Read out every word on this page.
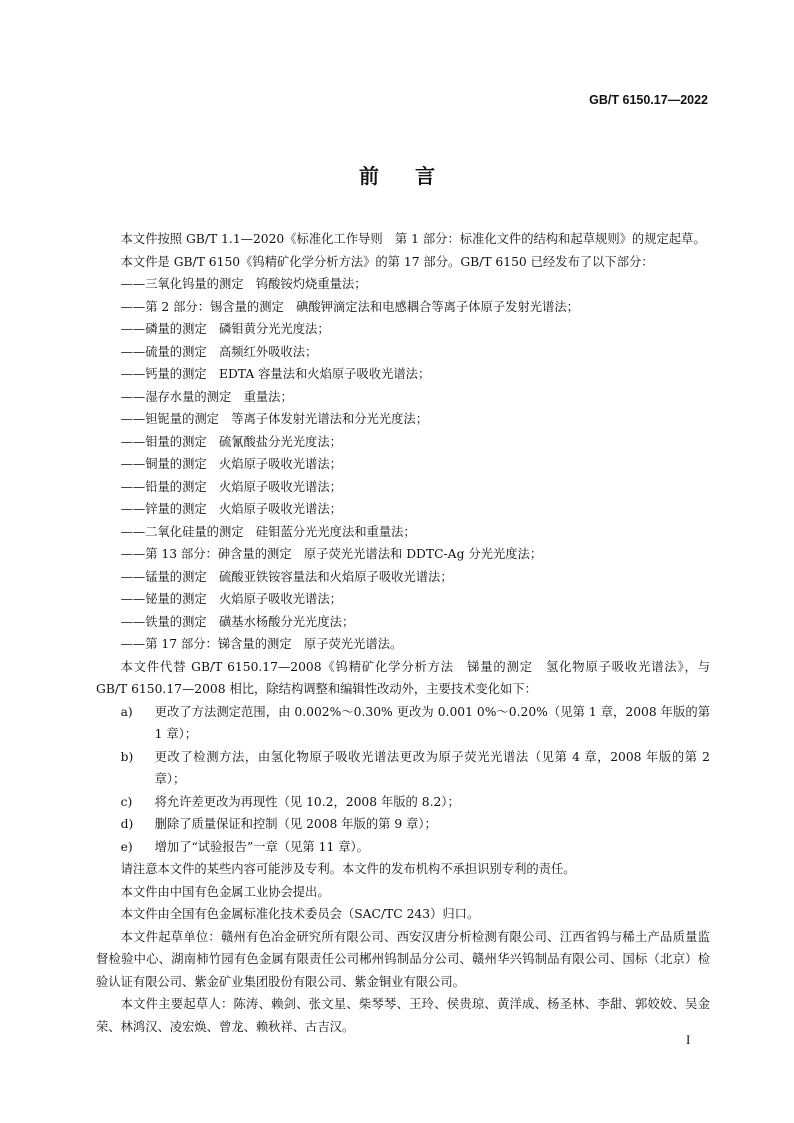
GB/T 6150.17—2022
前言
本文件按照 GB/T 1.1—2020《标准化工作导则　第 1 部分：标准化文件的结构和起草规则》的规定起草。
本文件是 GB/T 6150《钨精矿化学分析方法》的第 17 部分。GB/T 6150 已经发布了以下部分：
——三氧化钨量的测定　钨酸铵灼烧重量法；
——第 2 部分：锡含量的测定　碘酸钾滴定法和电感耦合等离子体原子发射光谱法；
——磷量的测定　磷钼黄分光光度法；
——硫量的测定　高频红外吸收法；
——钙量的测定　EDTA 容量法和火焰原子吸收光谱法；
——湿存水量的测定　重量法；
——钽铌量的测定　等离子体发射光谱法和分光光度法；
——钼量的测定　硫氰酸盐分光光度法；
——铜量的测定　火焰原子吸收光谱法；
——铅量的测定　火焰原子吸收光谱法；
——锌量的测定　火焰原子吸收光谱法；
——二氧化硅量的测定　硅钼蓝分光光度法和重量法；
——第 13 部分：砷含量的测定　原子荧光光谱法和 DDTC-Ag 分光光度法；
——锰量的测定　硫酸亚铁铵容量法和火焰原子吸收光谱法；
——铋量的测定　火焰原子吸收光谱法；
——铁量的测定　磺基水杨酸分光光度法；
——第 17 部分：锑含量的测定　原子荧光光谱法。
本文件代替 GB/T 6150.17—2008《钨精矿化学分析方法　锑量的测定　氢化物原子吸收光谱法》，与 GB/T 6150.17—2008 相比，除结构调整和编辑性改动外，主要技术变化如下：
a)	更改了方法测定范围，由 0.002%～0.30% 更改为 0.001 0%～0.20%（见第 1 章，2008 年版的第 1 章）；
b)	更改了检测方法，由氢化物原子吸收光谱法更改为原子荧光光谱法（见第 4 章，2008 年版的第 2 章）；
c)	将允许差更改为再现性（见 10.2，2008 年版的 8.2）；
d)	删除了质量保证和控制（见 2008 年版的第 9 章）；
e)	增加了“试验报告”一章（见第 11 章）。
请注意本文件的某些内容可能涉及专利。本文件的发布机构不承担识别专利的责任。
本文件由中国有色金属工业协会提出。
本文件由全国有色金属标准化技术委员会（SAC/TC 243）归口。
本文件起草单位：赣州有色冶金研究所有限公司、西安汉唐分析检测有限公司、江西省钨与稀土产品质量监督检验中心、湖南柿竹园有色金属有限责任公司郴州钨制品分公司、赣州华兴钨制品有限公司、国标（北京）检验认证有限公司、紫金矿业集团股份有限公司、紫金铜业有限公司。
本文件主要起草人：陈涛、赖剑、张文星、柴琴琴、王玲、侯贵琼、黄洋成、杨圣林、李甜、郭姣姣、吴金荣、林鸿汉、凌宏焕、曾龙、赖秋祥、古吉汉。
I
